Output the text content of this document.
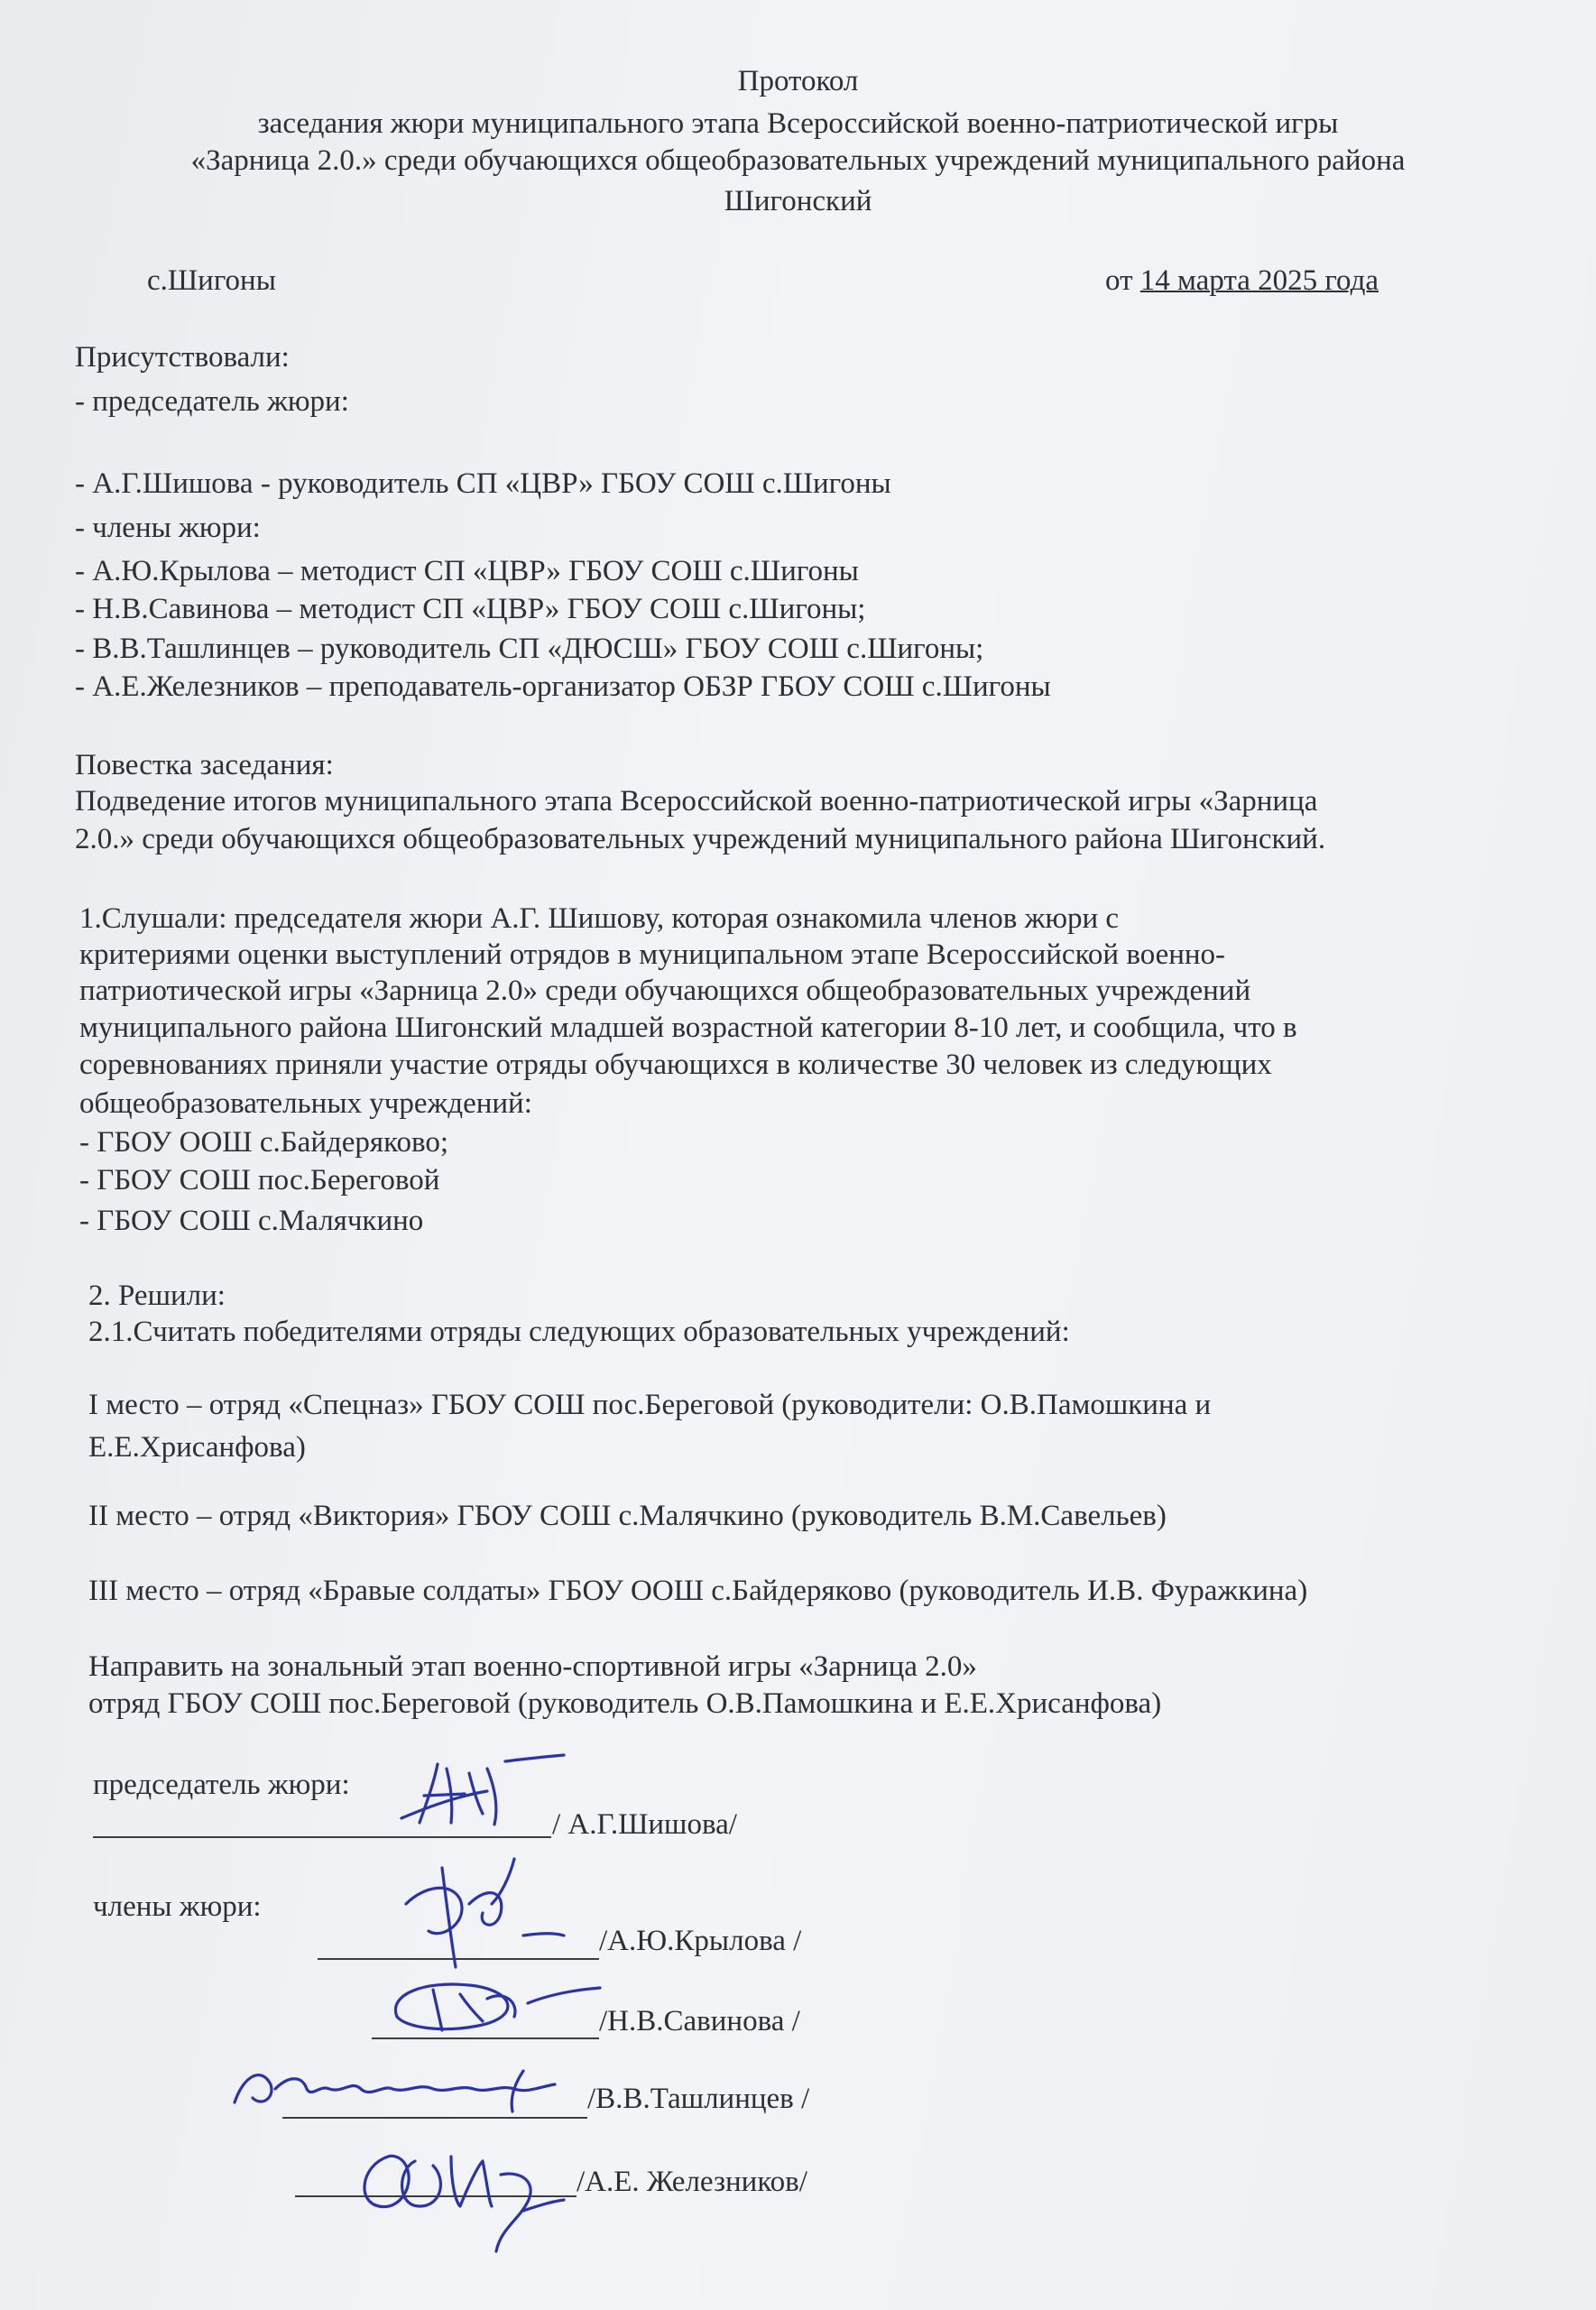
Протокол
заседания жюри муниципального этапа Всероссийской военно-патриотической игры
«Зарница 2.0.» среди обучающихся общеобразовательных учреждений муниципального района
Шигонский
с.Шигоны	от 14 марта 2025 года
Присутствовали:
- председатель жюри:
- А.Г.Шишова - руководитель СП «ЦВР» ГБОУ СОШ с.Шигоны
- члены жюри:
- А.Ю.Крылова – методист СП «ЦВР» ГБОУ СОШ с.Шигоны
- Н.В.Савинова – методист СП «ЦВР» ГБОУ СОШ с.Шигоны;
- В.В.Ташлинцев – руководитель СП «ДЮСШ» ГБОУ СОШ с.Шигоны;
- А.Е.Железников – преподаватель-организатор ОБЗР ГБОУ СОШ с.Шигоны
Повестка заседания:
Подведение итогов муниципального этапа Всероссийской военно-патриотической игры «Зарница
2.0.» среди обучающихся общеобразовательных учреждений муниципального района Шигонский.
1.Слушали: председателя жюри А.Г. Шишову, которая ознакомила членов жюри с
критериями оценки выступлений отрядов в муниципальном этапе Всероссийской военно-
патриотической игры «Зарница 2.0» среди обучающихся общеобразовательных учреждений
муниципального района Шигонский младшей возрастной категории 8-10 лет, и сообщила, что в
соревнованиях приняли участие отряды обучающихся в количестве 30 человек из следующих
общеобразовательных учреждений:
- ГБОУ ООШ с.Байдеряково;
- ГБОУ СОШ пос.Береговой
- ГБОУ СОШ с.Малячкино
2. Решили:
2.1.Считать победителями отряды следующих образовательных учреждений:
I место – отряд «Спецназ» ГБОУ СОШ пос.Береговой (руководители: О.В.Памошкина и
Е.Е.Хрисанфова)
II место – отряд «Виктория» ГБОУ СОШ с.Малячкино (руководитель В.М.Савельев)
III место – отряд «Бравые солдаты» ГБОУ ООШ с.Байдеряково (руководитель И.В. Фуражкина)
Направить на зональный этап военно-спортивной игры «Зарница 2.0»
отряд ГБОУ СОШ пос.Береговой (руководитель О.В.Памошкина и Е.Е.Хрисанфова)
председатель жюри:
/ А.Г.Шишова/
члены жюри:
/А.Ю.Крылова /
/Н.В.Савинова /
/В.В.Ташлинцев /
/А.Е. Железников/
